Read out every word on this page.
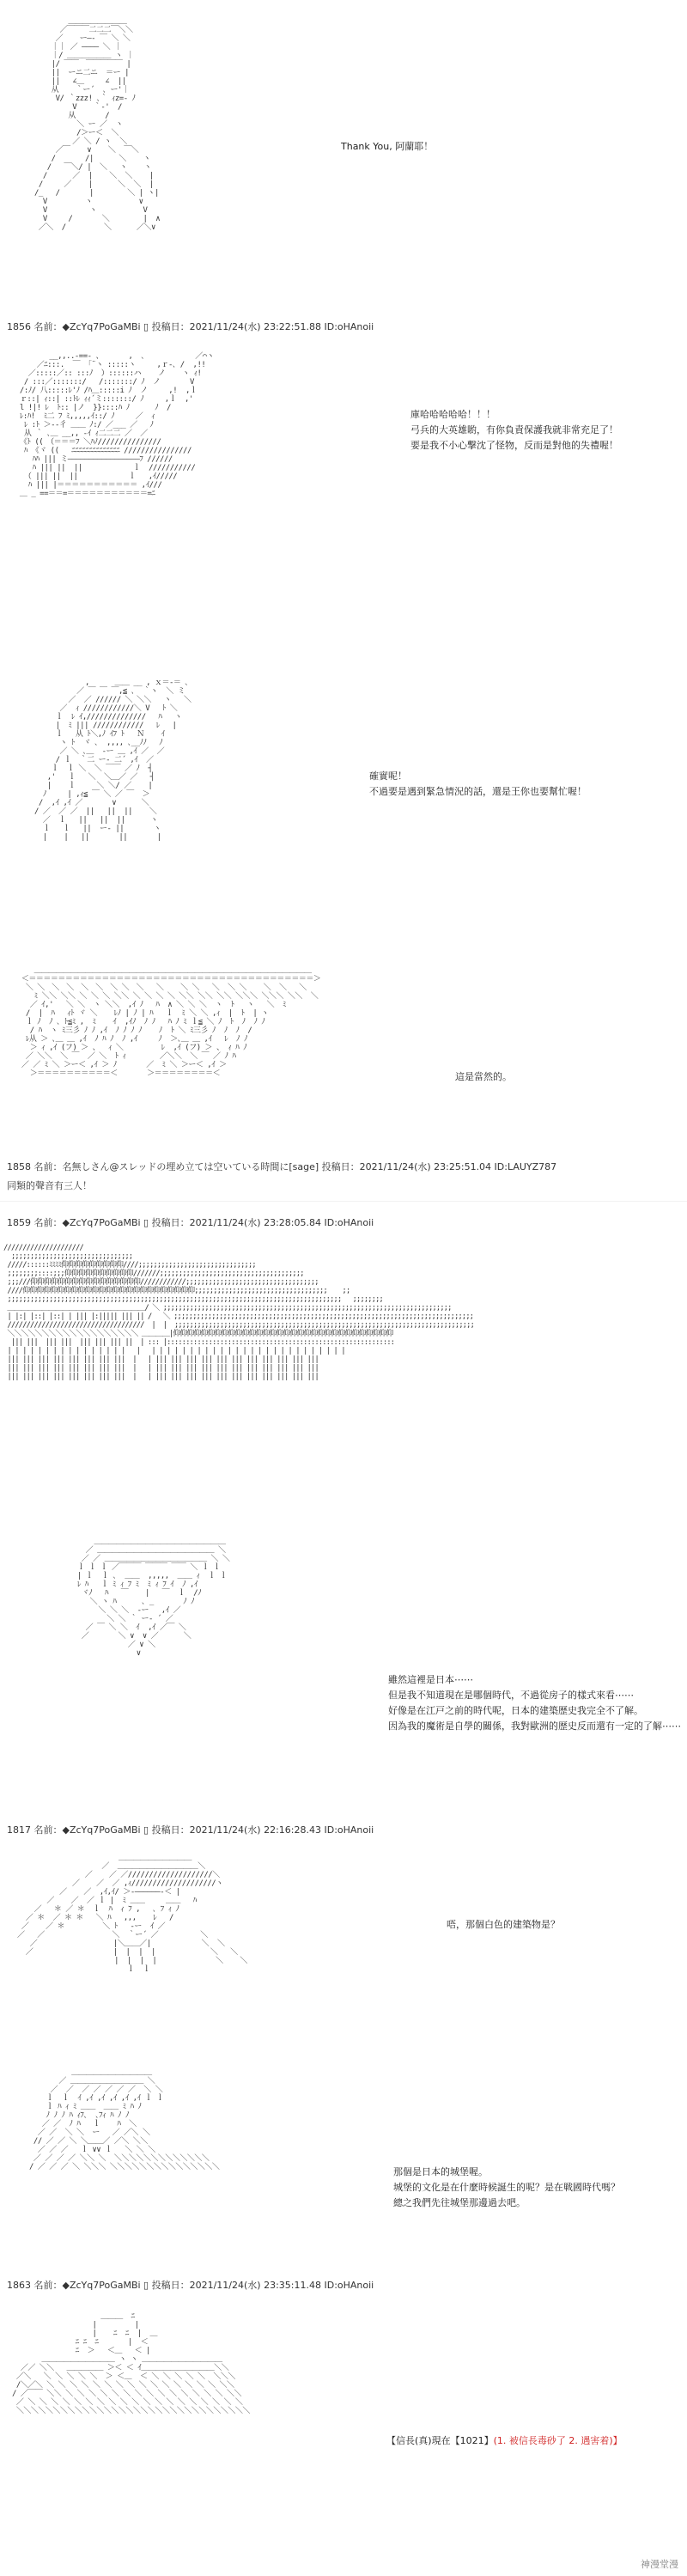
＿＿＿＿＿＿＿＿
／￣￣￣二二二￣＼＼
／    ー―‐ ￣ ＼ ＼
｜｜ ／ ―――― ＼ ｜
｜/ ＿＿＿＿＿＿ ヽ ｜
|/ ￣￣　￣￣￣￣￣ |
||  ーニ二ニ  ＝ー |
||   ∠＿     ∠  ||
从    ｀ー´  ､ ー'｜
V/ ｀zzz! ､｀ ｨz=- ﾉ
V    ｀‐'  /
从       /
＼ ー ／  ヽ
/＞ー＜  ＼
／ ＼ / ヽ  ＼
／￣    ∨    ＼  ￣＼
/       /|      ＼    ヽ
/   ￣＼/ |  ＼   ヽ    ヽ
/      ／  |    ＼  ＼    |
/     ／    |      ＼  ＼  |
/_   /       |        ＼ | ヽ|
V         ヽ           ∨
V          ヽ           V
V     /       ＼        |  ∧
／＼  /         ＼      ／＼∨

Thank You, 阿蘭耶！
1856 名前：◆ZcYq7PoGaMBi ▯ 投稿日：2021/11/24(水) 23:22:51.88 ID:oHAnoii

__,,..-==- 、      ,  ､            ／⌒ヽ
／ﾆ:::.  ￣ 「¨ヽ :::::ヽ     ,ｒ-､ /  ,!!
／:::::／:: :::ﾉ  ）::::::ハ    ノ    ヽ ｨ!
/ :::／:::::::/   /:::::::/ ﾉ  ノ       V
/:ﾉ/ 八:::::ﾚ'ﾉ /ﾊ＿:::::i ﾉ  ノ     ,!  ,ｌ
ｒ::| ｨ::| ::ﾄﾚ ｨｨ´ミ:::::::/ ﾉ     ,ｌ  ,'
l !|! ﾚ  ﾄ:: |ノ  }}::::ﾊ ﾉ      ﾉ  /
ﾚ:ﾊ!  ﾐ二 ﾌ ﾐ,,,,,ｲ::/ ﾉ     ／  ｨ
ﾚ :ﾄ ＞--彳 ＿＿ ﾉ:/ ／___ ／   ﾉ
从 ｀ ､＿ __,, -ｲ ｨ二二二 ／  ／
《ﾄ ((　（＝＝＝ﾌ ＼ﾊﾉ///////////////
ﾊ 《ヾ ((   ﾆﾆﾆﾆﾆﾆﾆﾆﾆﾆﾆﾆﾆﾆ ////////////////
ﾊﾊ ||| ミ―――――――――――――――――ﾌ //////
ﾊ ||| ||  ||            ｌ  ///////////
（ ||| ||  ||            ｌ   ,ｲ/////
ﾊ ||| |＝＝＝＝＝＝＝＝＝＝＝ ,ｲ///
＿ _ ==＝＝=＝＝＝＝＝＝＝＝＝＝＝=ﾆ

庫哈哈哈哈哈！！！
弓兵的大英雄喲，有你負責保護我就非常充足了！
要是我不小心撃沈了怪物，反而是對他的失禮喔！

,      ＿＿ __ , ｘ＝-＝ ､
／ ￣ ￣ ￣,≦ ､  ｀ヽ  ＼ ミ
／  ／ ////// ＼ ＼＼   ヽ   ＼
／  ｨ ////////////＼ V   ﾄ ＼
ｌ  ﾚ ｲ,//////////////   ﾊ   ヽ
|  ﾐ ||| ////////////   ﾚ   |
ｌ   从 ﾄ＼,ﾉ ｲﾌ ﾄ   Ｎ    ｲ
ヽ ﾄ  ヾ ､  ,,,, ､__ﾉﾉ   ﾉ
／ ＼ ､＿  ‐ー ＿ ,ｲ ／  ／
/ ｌ  ｀二 ー‐ 二´ ,ｲ  ／
ｌ  ｌ ＼  ＼ ￣￣ ／ ﾉ  ┤
,'   ｌ   ＼  ＼＿／ ／   ┤
|    ｌ     ＼ ＼/ ／    |
ﾉ     | ,ｨ≦ ￣ ＼ ／ ￣  ＞
/  ,ｲ ,ｲ ／       ∨      ＼
/ ／  ／ ／  ||   ||  ||    ＼
／  ｌ   ||   ||  ||      ヽ
ｌ   ｌ   ||  ー‐ ||       ヽ
|    |   ||       ||       |

確實呢！
不過要是遇到緊急情況的話，還是王你也要幫忙喔！

＿＿＿＿＿＿＿＿＿＿＿＿＿＿＿＿＿＿＿＿＿＿＿＿＿＿＿＿＿＿＿＿＿＿＿＿＿＿
＜＝＝＝＝＝＝＝＝＝＝＝＝＝＝＝＝＝＝＝＝＝＝＝＝＝＝＝＝＝＝＝＝＝＝＝＝＝＝＝＞
＼ ＼　＼　＼　＼　＼　＼ ＼　＼   ＼    ＼ ＼   ＼  ＼ ＼    ＼  ＼   ＼
ﾐ ＼＼ ＼＼ ＼ ＼ ＼ ＼＼ ＼ ＼ ＼ ＼ ＼＼ ＼＼ ＼＼ ＼＼＼ ＼＼＼ ＼＼  ＼
／ ｲ,'   ＼ ＼  ヽ ＼＼  ,ｲ ﾉ   ﾊ  ∧ ＼ ＼ ＼  ヽ  ﾄ   ヽ   ＼  ﾐ
/  |  ﾊ   ｨﾄ ヾ ＼    ﾚﾉ | ﾉ | ﾊ   ｌ  ﾐ ＼ ＼ ,ｨ  |  ﾄ  | ヽ
ｌ ﾉ  ﾉ ､ ﾄ≦ﾐ ,  ﾐ    ｲ  ,ｲﾉ  ﾉ ﾉ   ﾊ ﾉ ﾐ ｌ≦ ＼ ﾉ  ﾄ  ﾉ  ﾉ ﾉ
/ ﾊ  ヽ ﾐ三彡 ﾉ ﾉ ,ｲ  ﾉ ﾉ ﾉ ﾉ    ﾉ  ﾄ ＼ ﾐ三彡 ﾉ  ﾉ  ﾉ  /
ﾚ从 ＞ ､＿ ＿ ,ｲ  ﾉ ﾊ ﾉ  ﾉ ,ｲ     ﾉ  ＞､＿ ＿ ,ｲ   ﾚ  ﾉ ﾉ
＞ ｨ ,ｲ (フ) ＞ 、  ｨ ＼         ﾚ  ,ｲ (フ) ＞ 、 ｨ ﾊ ﾉ
／ ＼＼  ＼ ￣  ／ ＼  ﾄ ｨ        ／＼＼  ＼ ￣ ／ ﾉ ﾊ
／ ／ ﾐ ＼ ＞ー＜ ,ｲ ＞ ﾉ       ／  ﾐ ＼ ＞ー＜ ,ｲ ＞
＞＝＝＝＝＝＝＝＝＝＝＜       ＞＝＝＝＝＝＝＝＝＜	這是當然的。
1858 名前：名無しさん@スレッドの埋め立ては空いている時間に[sage] 投稿日：2021/11/24(水) 23:25:51.04 ID:LAUYZ787
同類的聲音有三人！
1859 名前：◆ZcYq7PoGaMBi ▯ 投稿日：2021/11/24(水) 23:28:05.84 ID:oHAnoii

/////////////////////
;;;;;;;;;;;;;;;;;;;;;;;;;;;;;;;;
/////::::::ﾐﾐﾐﾐ仰仰仰仰仰仰仰仰仰////;;;;;;;;;;;;;;;;;;;;;;;;;;;;;;;
;;;;;;;;::::;;;仰仰仰仰仰仰仰仰仰仰///////;;;;;;;;;;;;;;;;;;;;;;;;;;;;;;;;;;;;;;
;;;///仰仰仰仰仰仰仰仰仰仰仰仰仰仰仰仰////////////;;;;;;;;;;;;;;;;;;;;;;;;;;;;;;;;;;;
////仰仰仰仰仰仰仰仰仰仰仰仰仰仰仰仰仰仰仰仰仰仰仰仰仰;;;;;;;;;;;;;;;;;;;;;;;;;;;;;;;;;;;    ;;
;;;;;;;;;;;;;;;;;;;;;;;;;;;;;;;;;;;;;;;;;;;;;;;;;;;;;;;;;;;;;;;;;;;;;;;;;;;;;;;;;;;;;;;;   ;;;;;;;;
＿＿＿＿＿＿＿＿＿＿＿＿＿＿＿＿＿＿＿＿/ ＼ ;;;;;;;;;;;;;;;;;;;;;;;;;;;;;;;;;;;;;;;;;;;;;;;;;;;;;;;;;;;;;;;;;;;;;;;;;;;;
| |:| |::| |::| | ||| |:||||| ||| || /   ＼ ;;;;;;;;;;;;;;;;;;;;;;;;;;;;;;;;;;;;;;;;;;;;;;;;;;;;;;;;;;;;;;;;;;;;;;;;;;;;;;;
////////////////////////////////////  |  |  ;;;;;;;;;;;;;;;;;;;;;;;;;;;;;;;;;;;;;;;;;;;;;;;;;;;;;;;;;;;;;;;;;;;;;;;;;;;;;;;
＼＼＼＼＼＼＼＼＼＼＼＼＼＼＼＼＼＼＼ ＿＿＿＿|仰仰仰仰仰仰仰仰仰仰仰仰仰仰仰仰仰仰仰仰仰仰仰仰仰仰仰仰仰仰仰仰
||| |||  ||| |||  ||| ||| ||| ||  | ::: |::::::::::::::::::::::::::::::::::::::::::::::::::::::::::::
| | | | | | | | | | | | | | | |   |   | | | | | | | | | | | | | | | | | | | | | | | | | |
||| ||| ||| ||| ||| ||| ||| |||  |   | ||| ||| ||| ||| ||| ||| ||| ||| ||| ||| |||
||| ||| ||| ||| ||| ||| ||| |||  |   | ||| ||| ||| ||| ||| ||| ||| ||| ||| ||| |||
||| ||| ||| ||| ||| ||| ||| |||  |   | ||| ||| ||| ||| ||| ||| ||| ||| ||| ||| |||

＿＿＿＿＿＿＿＿＿＿＿＿＿＿＿＿＿＿
／ ＿＿＿＿＿＿＿＿＿＿＿＿＿＿＿＿ ＼
／ ／ ＿＿＿＿＿＿＿＿＿＿＿＿＿＿ ＼ ＼
ｌ ｌ ｌ ／￣￣￣ ￣￣￣ ￣￣ ＼ ｌ ｌ
| ｌ  ｌ ､  ＿＿  ,,,,,  ＿＿ ｨ  ｌ ｌ
ﾚ ﾊ   ｌ ﾐ ｨ ﾌ ﾐ  ﾐ ｨ ﾌ ｲ  ﾉ ,ｲ
ヾﾉ   ﾊ   ￣    |   ￣  ｌ  /ﾉ
＼ ヽ ﾊ      ､ _       ﾉ ﾉ
＼ ＼ ＼  ‐ー   ,ｲ ／
＼ ＼ ｀ ー‐ ´ ／
／ ￣ ＼ ＼  ｲ  ,ｲ ／￣ ＼
／       ＼ ∨  ∨ ／      ＼
／ ∨ ＼
∨

雖然這裡是日本⋯⋯
但是我不知道現在是哪個時代，不過從房子的樣式來看⋯⋯
好像是在江戸之前的時代呢，日本的建築歴史我完全不了解。
因為我的魔術是自學的關係，我對歐洲的歴史反而還有一定的了解⋯⋯
1817 名前：◆ZcYq7PoGaMBi ▯ 投稿日：2021/11/24(水) 22:16:28.43 ID:oHAnoii

＿＿＿＿＿＿＿＿＿＿
／  ＿＿＿＿＿＿＿＿＿＿＿＼
／    ／ ／////////////////////＼
／    ／  ／ ,ｨ////////////////////ヽ
／    ／  ,ｲ,ｲ/ ＞‐――――――‐＜ |
／    ／  ／ ｌ |  ﾐ ＿＿     ＿＿   ﾊ
／   ＊ ／ ＊  ｌ  ﾊ  ｨ ﾌ ,   ､ ﾌ ｨ ﾉ
／ ＊  ／ ＊ ＊   ＼ ﾊ   ,,,    ﾚ   /
／    ／ ＊         ＼ ﾄ   ‐ー  ｲ ／
／   ／                ＼  ｀ー´ ／          ＼
／                  |＼＿＿／|            ＼  ＼
／                   |  |  |  |             ＼   ＼
|  |  |  |              ＼    ＼
ｌ  ｌ

唔，那個白色的建築物是？

＿＿＿＿＿＿＿＿＿＿＿
／ ＿＿＿＿＿＿＿＿＿＿ ＼
／  ／  ／ ／ ／ ／ ／  ＼ ＼
ｌ  ｌ  ｲ ,ｲ ,ｲ ,ｲ ,ｲ ,ｲ ｌ ｌ
ｌ ﾊ ｨ ﾐ ＿＿  ＿＿ ﾐ ﾊ ﾉ
ﾉ ﾉ ﾉ ﾊ ｨﾌ､  ､ﾌｨ ﾊ ﾉ ﾉ
／ ／  ﾉ ﾊ   ｌ    ﾊ  ＼
／ ／  ＼ ＼  ー   ／ ／＼ ＼
// ／ ／ ＼ ＼＿＿／ ／＼ ＼＼
／ ／ ／   ｌ ∨∨ ｌ   ＼ ＼ ＼
／ ／ ／ ／ ＼＼ ＼  ＼＼＼＼＼＼＼＼＼＼＼＼＼
/ ／ ／ ／ ＼ ＼＼＼ ＼＼＼＼＼＼＼＼＼＼＼＼＼＼＼	那個是日本的城堡喔。
城堡的文化是在什麼時候誕生的呢？是在戦國時代嗎？
總之我們先往城堡那邊過去吧。
1863 名前：◆ZcYq7PoGaMBi ▯ 投稿日：2021/11/24(水) 23:35:11.48 ID:oHAnoii

＿＿＿  ﾆ
|         |
|    ﾆ  ﾆ  |  ＿
ﾆ ﾆ  ﾆ       |  ＜
ﾆ  ＞   ＜＿   ＜ |
＿＿＿＿＿＿＿＿＿＿ ヽ ヽ ＿＿＿＿＿＿＿＿＿＿＿
／／ ＼＼   ＿＿＿＿＿ ＞＜ ＜ ｲ＿＿＿＿＿＿＿＿＿＿＼＼
／＼   ＼ ＼ ＼ ＼ ＼  ＞ ＜＿  ＜ ＼ ＼ ＼ ＼ ＼  ＼＼＼
/＼／＼ ＼ ＼ ＼ ＼ ＼ ＼ ＼ ＼ ＼ ＼ ＼ ＼ ＼ ＼ ＼ ＼＼
/ ／￣￣ ＼＼ ＼ ＼ ＼ ＼ ＼ ＼ ＼ ＼ ＼ ＼ ＼ ＼ ＼ ＼ ＼＼
／ ＼ ＼ ＼ ＼ ＼ ＼ ＼ ＼ ＼ ＼ ＼ ＼ ＼ ＼ ＼ ＼ ＼ ＼ ＼
＼＼＼＼＼＼＼＼＼＼＼＼＼＼＼＼＼＼＼＼＼＼＼＼＼＼＼＼＼＼＼＼

【信長(真)現在【1021】(1. 被信長毒砂了 2. 遇害着)】
神漫堂漫
